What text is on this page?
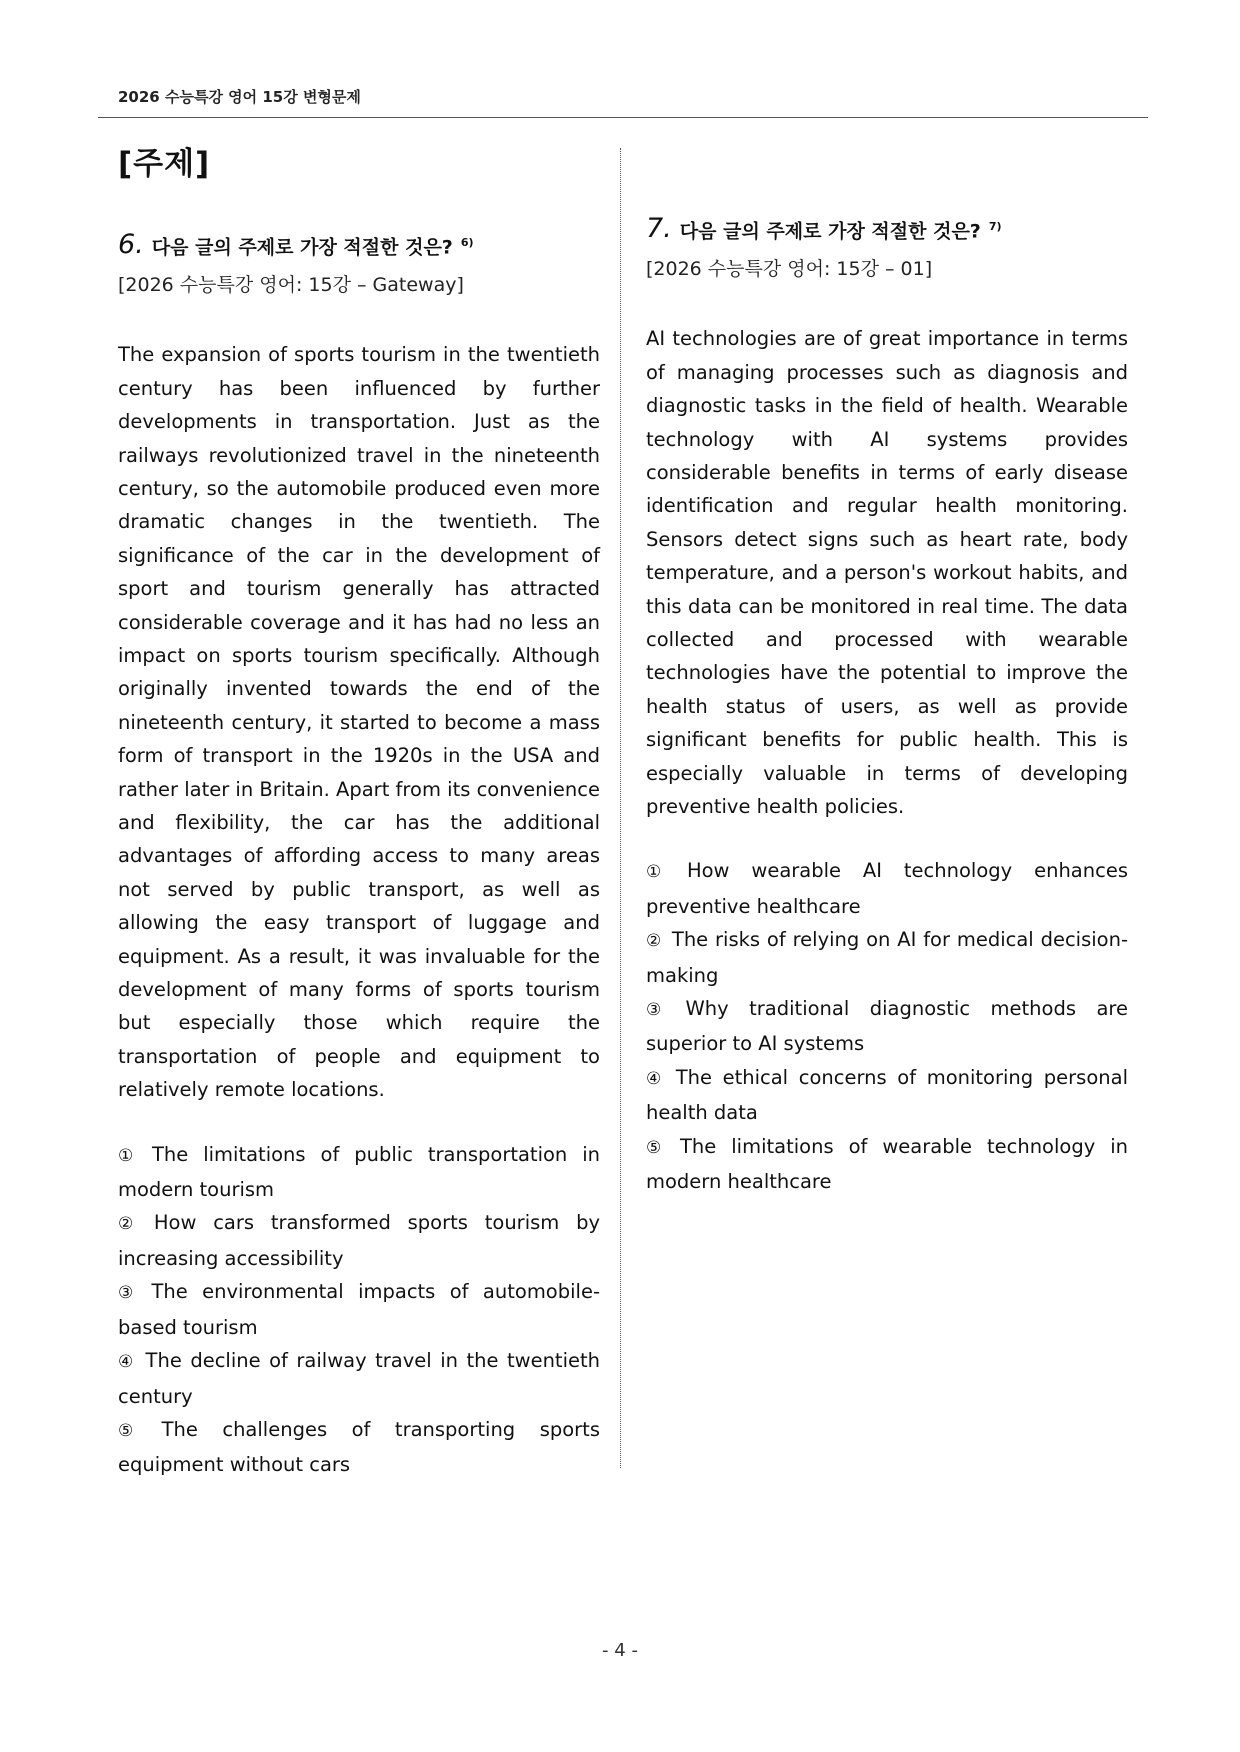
2026 수능특강 영어 15강 변형문제
[주제]
6. 다음 글의 주제로 가장 적절한 것은? $^{6)}$
[2026 수능특강 영어: 15강 – Gateway]

The expansion of sports tourism in the twentieth century has been influenced by further developments in transportation. Just as the railways revolutionized travel in the nineteenth century, so the automobile produced even more dramatic changes in the twentieth. The significance of the car in the development of sport and tourism generally has attracted considerable coverage and it has had no less an impact on sports tourism specifically. Although originally invented towards the end of the nineteenth century, it started to become a mass form of transport in the 1920s in the USA and rather later in Britain. Apart from its convenience and flexibility, the car has the additional advantages of affording access to many areas not served by public transport, as well as allowing the easy transport of luggage and equipment. As a result, it was invaluable for the development of many forms of sports tourism but especially those which require the transportation of people and equipment to relatively remote locations.

① The limitations of public transportation in modern tourism
② How cars transformed sports tourism by increasing accessibility
③ The environmental impacts of automobile-based tourism
④ The decline of railway travel in the twentieth century
⑤ The challenges of transporting sports equipment without cars
7. 다음 글의 주제로 가장 적절한 것은? $^{7)}$
[2026 수능특강 영어: 15강 – 01]

AI technologies are of great importance in terms of managing processes such as diagnosis and diagnostic tasks in the field of health. Wearable technology with AI systems provides considerable benefits in terms of early disease identification and regular health monitoring. Sensors detect signs such as heart rate, body temperature, and a person's workout habits, and this data can be monitored in real time. The data collected and processed with wearable technologies have the potential to improve the health status of users, as well as provide significant benefits for public health. This is especially valuable in terms of developing preventive health policies.

① How wearable AI technology enhances preventive healthcare
② The risks of relying on AI for medical decision-making
③ Why traditional diagnostic methods are superior to AI systems
④ The ethical concerns of monitoring personal health data
⑤ The limitations of wearable technology in modern healthcare
- 4 -
